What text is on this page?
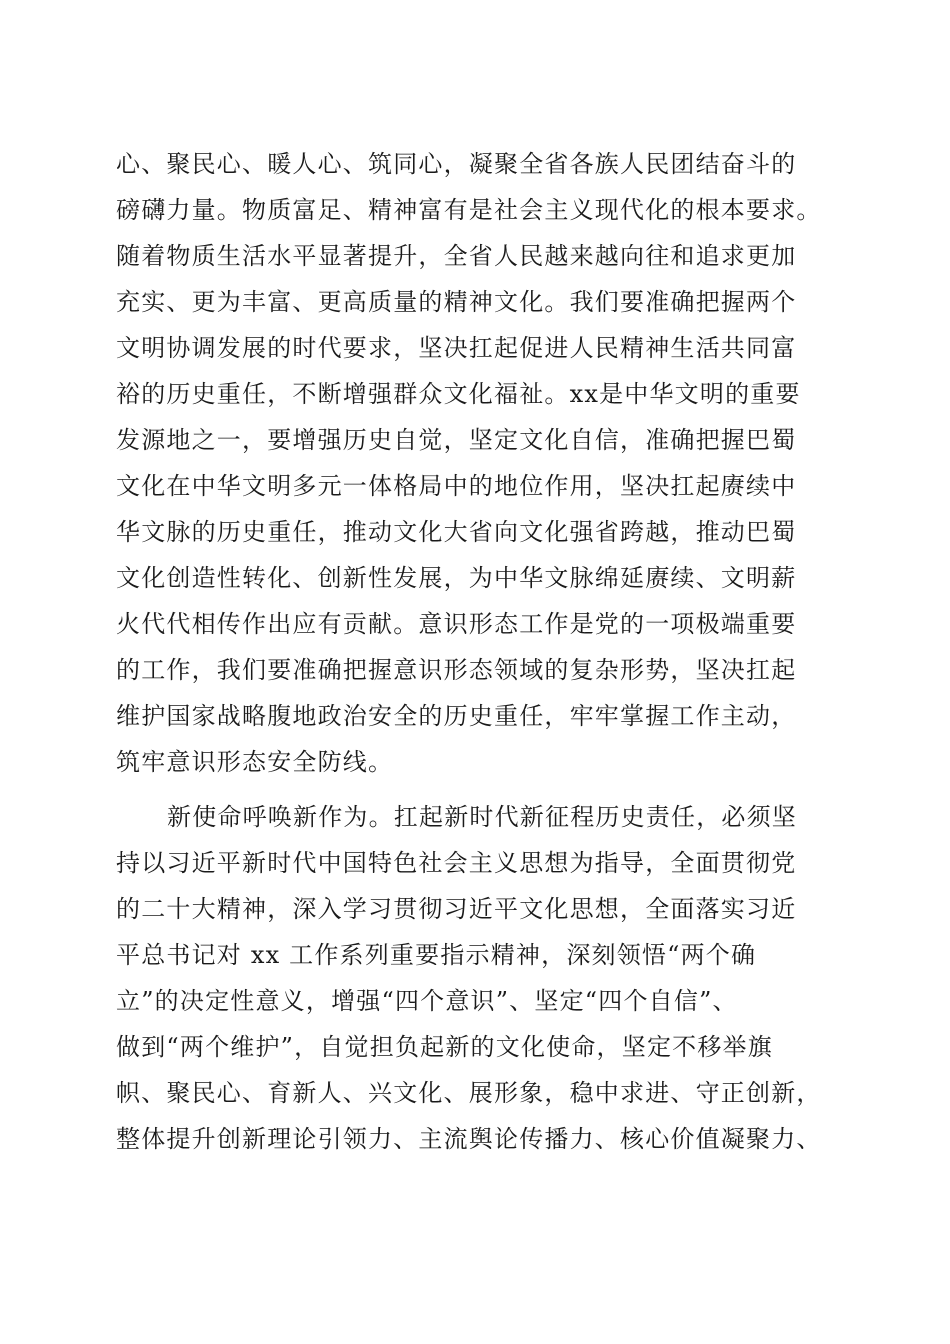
心、聚民心、暖人心、筑同心，凝聚全省各族人民团结奋斗的
磅礴力量。物质富足、精神富有是社会主义现代化的根本要求。
随着物质生活水平显著提升，全省人民越来越向往和追求更加
充实、更为丰富、更高质量的精神文化。我们要准确把握两个
文明协调发展的时代要求，坚决扛起促进人民精神生活共同富
裕的历史重任，不断增强群众文化福祉。xx是中华文明的重要
发源地之一，要增强历史自觉，坚定文化自信，准确把握巴蜀
文化在中华文明多元一体格局中的地位作用，坚决扛起赓续中
华文脉的历史重任，推动文化大省向文化强省跨越，推动巴蜀
文化创造性转化、创新性发展，为中华文脉绵延赓续、文明薪
火代代相传作出应有贡献。意识形态工作是党的一项极端重要
的工作，我们要准确把握意识形态领域的复杂形势，坚决扛起
维护国家战略腹地政治安全的历史重任，牢牢掌握工作主动，
筑牢意识形态安全防线。
新使命呼唤新作为。扛起新时代新征程历史责任，必须坚
持以习近平新时代中国特色社会主义思想为指导，全面贯彻党
的二十大精神，深入学习贯彻习近平文化思想，全面落实习近
平总书记对 xx 工作系列重要指示精神，深刻领悟“两个确
立”的决定性意义，增强“四个意识”、坚定“四个自信”、
做到“两个维护”，自觉担负起新的文化使命，坚定不移举旗
帜、聚民心、育新人、兴文化、展形象，稳中求进、守正创新，
整体提升创新理论引领力、主流舆论传播力、核心价值凝聚力、
